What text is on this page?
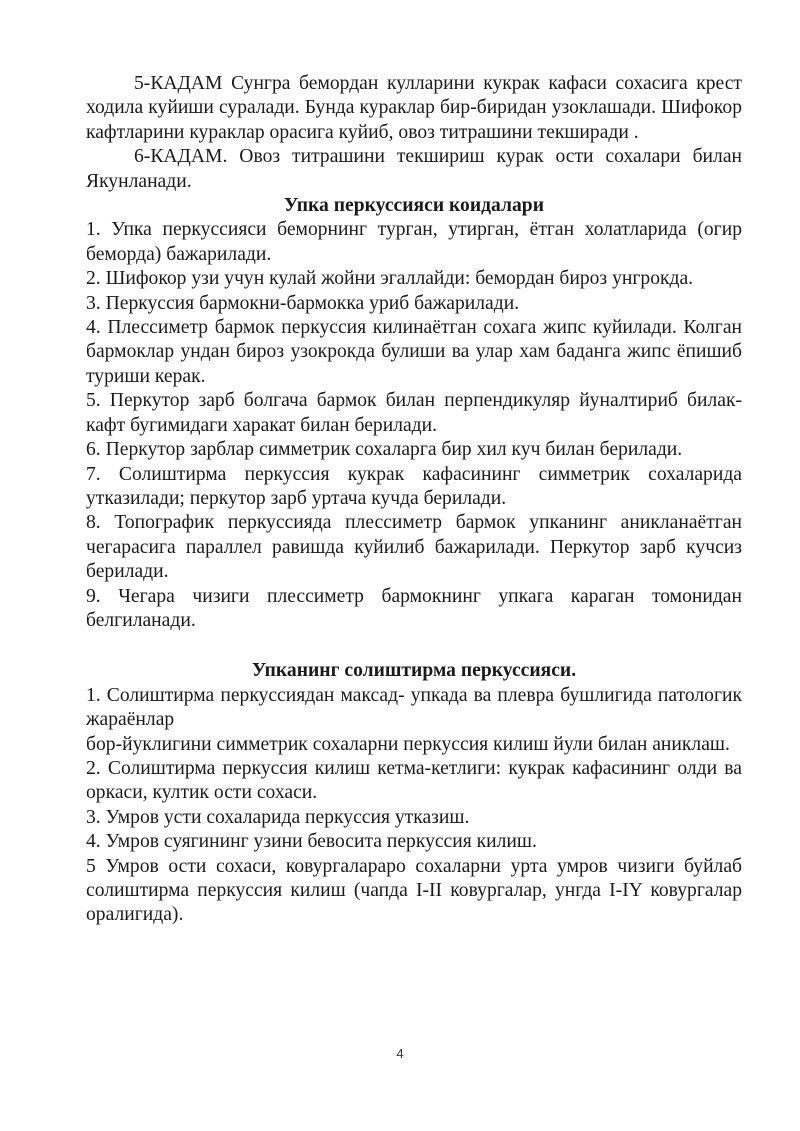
5-КАДАМ Сунгра бемордан кулларини кукрак кафаси сохасига крест ходила куйиши суралади. Бунда кураклар бир-биридан узоклашади. Шифокор кафтларини кураклар орасига куйиб, овоз титрашини текширади .

6-КАДАМ. Овоз титрашини текшириш курак ости сохалари билан Якунланади.

Упка перкуссияси коидалари

1. Упка перкуссияси беморнинг турган, утирган, ётган холатларида (огир беморда) бажарилади.

2. Шифокор узи учун кулай жойни эгаллайди: бемордан бироз унгрокда.

3. Перкуссия бармокни-бармокка уриб бажарилади.

4. Плессиметр бармок перкуссия килинаётган сохага жипс куйилади. Колган бармоклар ундан бироз узокрокда булиши ва улар хам баданга жипс ёпишиб туриши керак.

5. Перкутор зарб болгача бармок билан перпендикуляр йуналтириб билак-кафт бугимидаги харакат билан берилади.

6. Перкутор зарблар симметрик сохаларга бир хил куч билан берилади.

7. Солиштирма перкуссия кукрак кафасининг симметрик сохаларида утказилади; перкутор зарб уртача кучда берилади.

8. Топографик перкуссияда плессиметр бармок упканинг аникланаётган чегарасига параллел равишда куйилиб бажарилади. Перкутор зарб кучсиз берилади.

9. Чегара чизиги плессиметр бармокнинг упкага караган томонидан белгиланади.

Упканинг солиштирма перкуссияси.

1. Солиштирма перкуссиядан максад- упкада ва плевра бушлигида патологик жараёнлар

бор-йуклигини симметрик сохаларни перкуссия килиш йули билан аниклаш.

2. Солиштирма перкуссия килиш кетма-кетлиги: кукрак кафасининг олди ва оркаси, култик ости сохаси.

3. Умров усти сохаларида перкуссия утказиш.

4. Умров суягининг узини бевосита перкуссия килиш.

5 Умров ости сохаси, ковургалараро сохаларни урта умров чизиги буйлаб солиштирма перкуссия килиш (чапда I-II ковургалар, унгда I-IY ковургалар оралигида).

4
